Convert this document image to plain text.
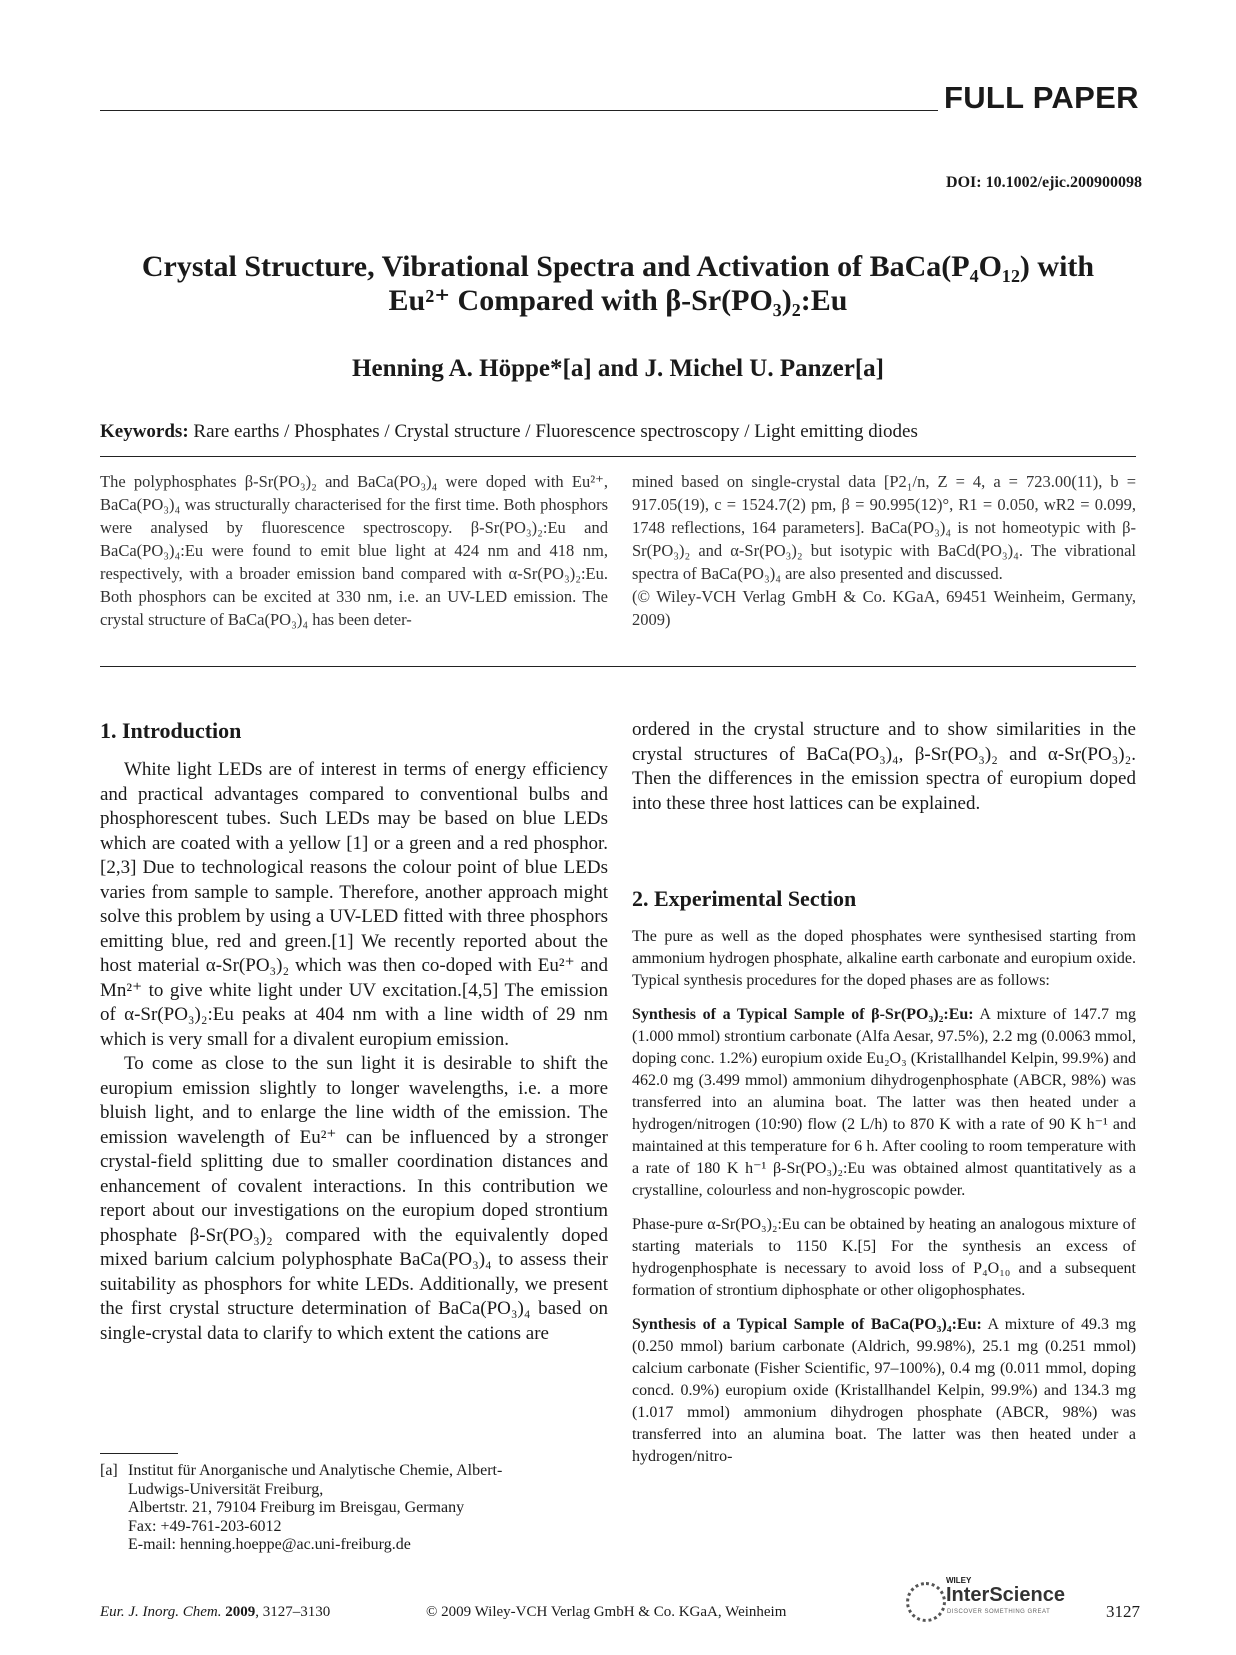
FULL PAPER
DOI: 10.1002/ejic.200900098
Crystal Structure, Vibrational Spectra and Activation of BaCa(P₄O₁₂) with
Eu²⁺ Compared with β-Sr(PO₃)₂:Eu
Henning A. Höppe*[a] and J. Michel U. Panzer[a]
Keywords: Rare earths / Phosphates / Crystal structure / Fluorescence spectroscopy / Light emitting diodes
The polyphosphates β-Sr(PO₃)₂ and BaCa(PO₃)₄ were doped with Eu²⁺, BaCa(PO₃)₄ was structurally characterised for the first time. Both phosphors were analysed by fluorescence spectroscopy. β-Sr(PO₃)₂:Eu and BaCa(PO₃)₄:Eu were found to emit blue light at 424 nm and 418 nm, respectively, with a broader emission band compared with α-Sr(PO₃)₂:Eu. Both phosphors can be excited at 330 nm, i.e. an UV-LED emission. The crystal structure of BaCa(PO₃)₄ has been deter-
mined based on single-crystal data [P2₁/n, Z = 4, a = 723.00(11), b = 917.05(19), c = 1524.7(2) pm, β = 90.995(12)°, R1 = 0.050, wR2 = 0.099, 1748 reflections, 164 parameters]. BaCa(PO₃)₄ is not homeotypic with β-Sr(PO₃)₂ and α-Sr(PO₃)₂ but isotypic with BaCd(PO₃)₄. The vibrational spectra of BaCa(PO₃)₄ are also presented and discussed.
(© Wiley-VCH Verlag GmbH & Co. KGaA, 69451 Weinheim, Germany, 2009)
1. Introduction

White light LEDs are of interest in terms of energy efficiency and practical advantages compared to conventional bulbs and phosphorescent tubes. Such LEDs may be based on blue LEDs which are coated with a yellow [1] or a green and a red phosphor.[2,3] Due to technological reasons the colour point of blue LEDs varies from sample to sample. Therefore, another approach might solve this problem by using a UV-LED fitted with three phosphors emitting blue, red and green.[1] We recently reported about the host material α-Sr(PO₃)₂ which was then co-doped with Eu²⁺ and Mn²⁺ to give white light under UV excitation.[4,5] The emission of α-Sr(PO₃)₂:Eu peaks at 404 nm with a line width of 29 nm which is very small for a divalent europium emission.

To come as close to the sun light it is desirable to shift the europium emission slightly to longer wavelengths, i.e. a more bluish light, and to enlarge the line width of the emission. The emission wavelength of Eu²⁺ can be influenced by a stronger crystal-field splitting due to smaller coordination distances and enhancement of covalent interactions. In this contribution we report about our investigations on the europium doped strontium phosphate β-Sr(PO₃)₂ compared with the equivalently doped mixed barium calcium polyphosphate BaCa(PO₃)₄ to assess their suitability as phosphors for white LEDs. Additionally, we present the first crystal structure determination of BaCa(PO₃)₄ based on single-crystal data to clarify to which extent the cations are

[a] Institut für Anorganische und Analytische Chemie, Albert-
Ludwigs-Universität Freiburg,
Albertstr. 21, 79104 Freiburg im Breisgau, Germany
Fax: +49-761-203-6012
E-mail: henning.hoeppe@ac.uni-freiburg.de
ordered in the crystal structure and to show similarities in the crystal structures of BaCa(PO₃)₄, β-Sr(PO₃)₂ and α-Sr(PO₃)₂. Then the differences in the emission spectra of europium doped into these three host lattices can be explained.
2. Experimental Section

The pure as well as the doped phosphates were synthesised starting from ammonium hydrogen phosphate, alkaline earth carbonate and europium oxide. Typical synthesis procedures for the doped phases are as follows:

Synthesis of a Typical Sample of β-Sr(PO₃)₂:Eu: A mixture of 147.7 mg (1.000 mmol) strontium carbonate (Alfa Aesar, 97.5%), 2.2 mg (0.0063 mmol, doping conc. 1.2%) europium oxide Eu₂O₃ (Kristallhandel Kelpin, 99.9%) and 462.0 mg (3.499 mmol) ammonium dihydrogenphosphate (ABCR, 98%) was transferred into an alumina boat. The latter was then heated under a hydrogen/nitrogen (10:90) flow (2 L/h) to 870 K with a rate of 90 K h⁻¹ and maintained at this temperature for 6 h. After cooling to room temperature with a rate of 180 K h⁻¹ β-Sr(PO₃)₂:Eu was obtained almost quantitatively as a crystalline, colourless and non-hygroscopic powder.

Phase-pure α-Sr(PO₃)₂:Eu can be obtained by heating an analogous mixture of starting materials to 1150 K.[5] For the synthesis an excess of hydrogenphosphate is necessary to avoid loss of P₄O₁₀ and a subsequent formation of strontium diphosphate or other oligophosphates.

Synthesis of a Typical Sample of BaCa(PO₃)₄:Eu: A mixture of 49.3 mg (0.250 mmol) barium carbonate (Aldrich, 99.98%), 25.1 mg (0.251 mmol) calcium carbonate (Fisher Scientific, 97–100%), 0.4 mg (0.011 mmol, doping concd. 0.9%) europium oxide (Kristallhandel Kelpin, 99.9%) and 134.3 mg (1.017 mmol) ammonium dihydrogen phosphate (ABCR, 98%) was transferred into an alumina boat. The latter was then heated under a hydrogen/nitro-

Eur. J. Inorg. Chem. 2009, 3127–3130	© 2009 Wiley-VCH Verlag GmbH & Co. KGaA, Weinheim
WILEY
InterScience
DISCOVER SOMETHING GREAT	3127
